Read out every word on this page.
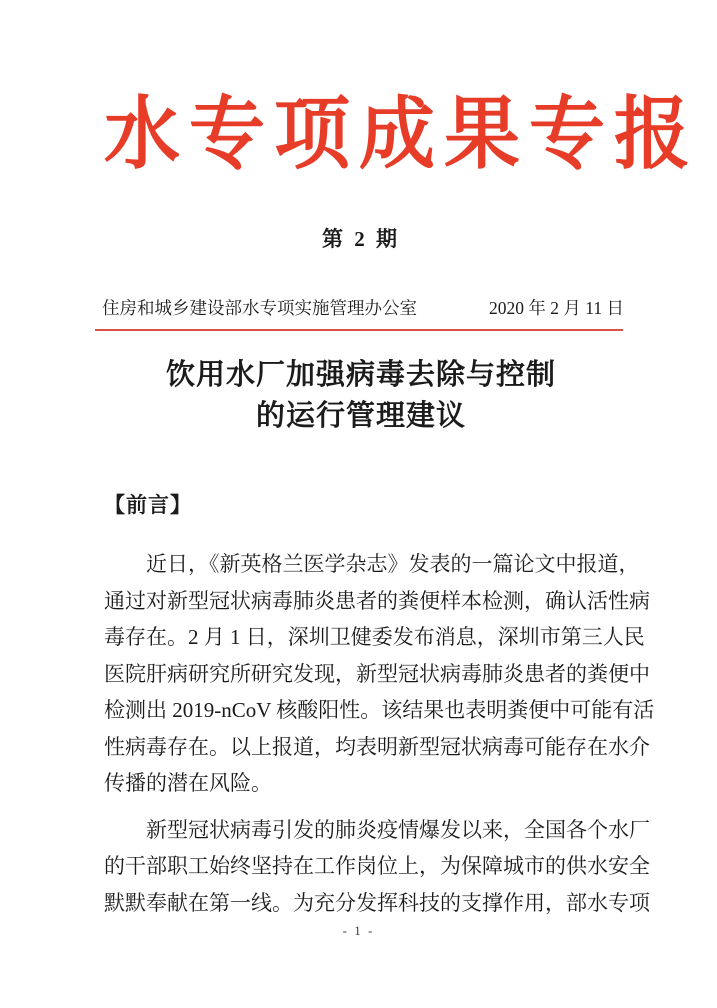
水专项成果专报
第 2 期
住房和城乡建设部水专项实施管理办公室	2020 年 2 月 11 日
饮用水厂加强病毒去除与控制
的运行管理建议
【前言】
近日，《新英格兰医学杂志》发表的一篇论文中报道，
通过对新型冠状病毒肺炎患者的粪便样本检测，确认活性病
毒存在。2 月 1 日，深圳卫健委发布消息，深圳市第三人民
医院肝病研究所研究发现，新型冠状病毒肺炎患者的粪便中
检测出 2019-nCoV 核酸阳性。该结果也表明粪便中可能有活
性病毒存在。以上报道，均表明新型冠状病毒可能存在水介
传播的潜在风险。
新型冠状病毒引发的肺炎疫情爆发以来，全国各个水厂
的干部职工始终坚持在工作岗位上，为保障城市的供水安全
默默奉献在第一线。为充分发挥科技的支撑作用，部水专项
- 1 -
